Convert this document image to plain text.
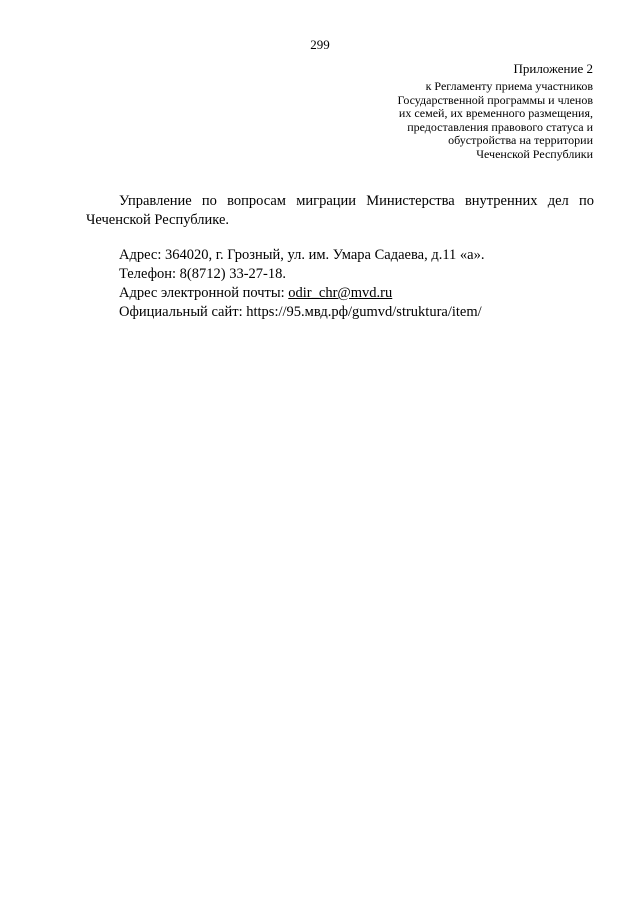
299
Приложение 2
к Регламенту приема участников
Государственной программы и членов
их семей, их временного размещения,
предоставления правового статуса и
обустройства на территории
Чеченской Республики
Управление по вопросам миграции Министерства внутренних дел по
Чеченской Республике.
Адрес: 364020, г. Грозный, ул. им. Умара Садаева, д.11 «а».
Телефон: 8(8712) 33-27-18.
Адрес электронной почты: odir_chr@mvd.ru
Официальный сайт: https://95.мвд.рф/gumvd/struktura/item/
